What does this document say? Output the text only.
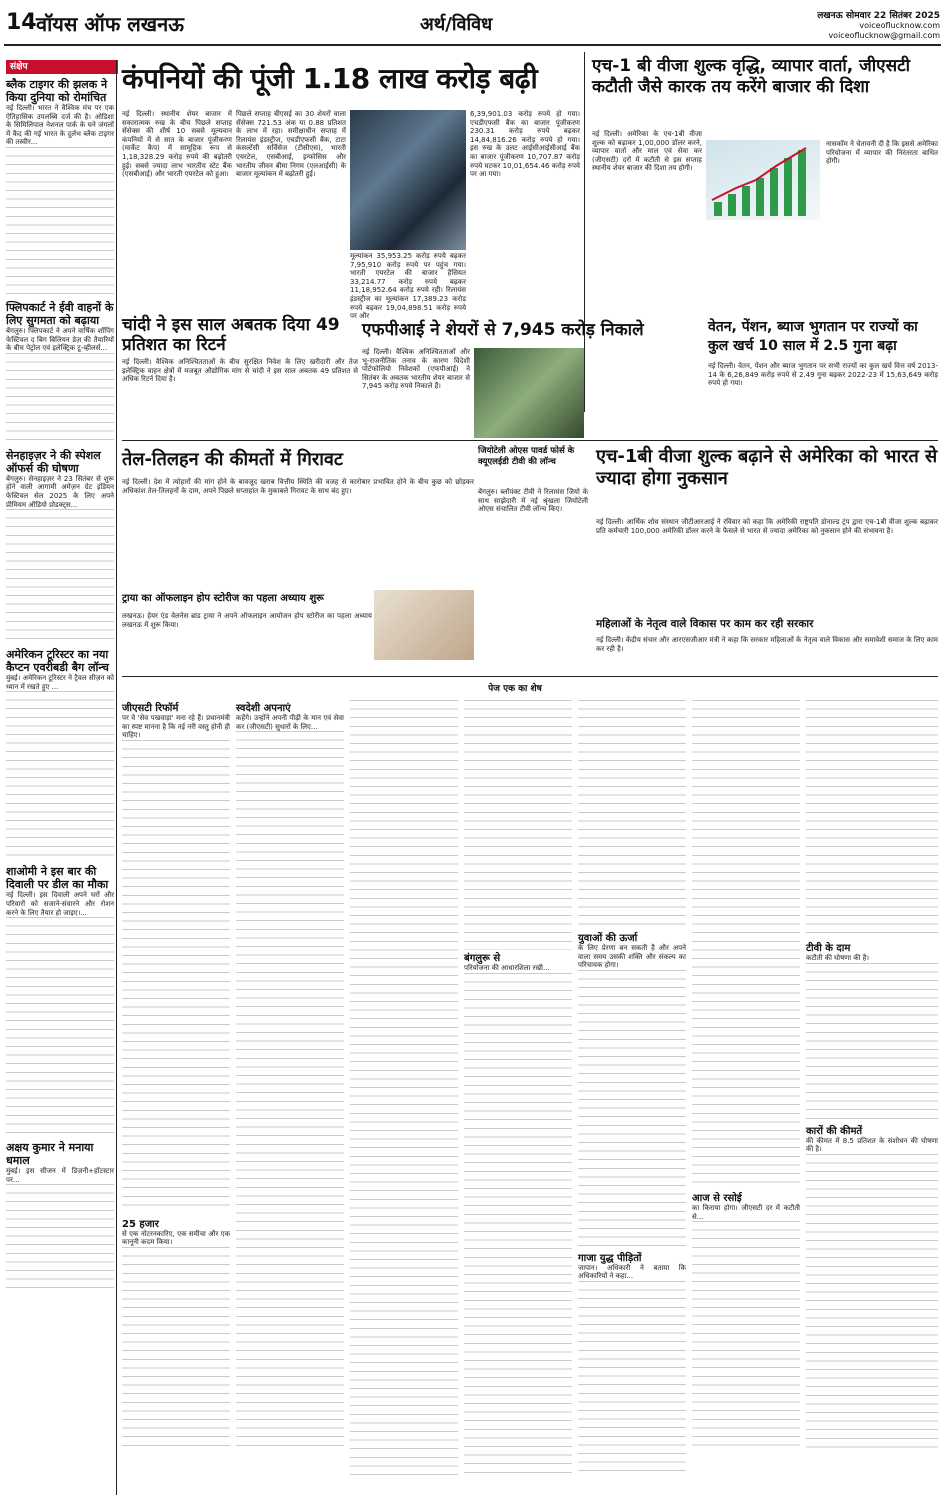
14 वॉयस ऑफ लखनऊ	अर्थ/विविध	लखनऊ सोमवार 22 सितंबर 2025
voiceoflucknow.com
voiceoflucknow@gmail.com
संक्षेप
ब्लैक टाइगर की झलक ने किया दुनिया को रोमांचित
नई दिल्ली। भारत ने वैश्विक मंच पर एक ऐतिहासिक उपलब्धि दर्ज की है। ओडिशा के सिमिलिपाल नेशनल पार्क के घने जंगलों में कैद की गई भारत के दुर्लभ ब्लैक टाइगर की तस्वीर...
फ्लिपकार्ट ने ईवी वाहनों के लिए सुगमता को बढ़ाया
बेंगलुरु। फ्लिपकार्ट ने अपने वार्षिक शॉपिंग फेस्टिवल द बिग बिलियन डेज़ की तैयारियों के बीच पेट्रोल एवं इलेक्ट्रिक टू-व्हीलर्स...
सेनहाइज़र ने की स्पेशल ऑफर्स की घोषणा
बेंगलुरु। सेनहाइज़र ने 23 सितंबर से शुरू होने वाली आगामी अमेज़न ग्रेट इंडियन फेस्टिवल सेल 2025 के लिए अपने प्रीमियम ऑडियो प्रोडक्ट्स...
अमेरिकन टूरिस्टर का नया कैप्टन एवरीबडी बैग लॉन्च
मुंबई। अमेरिकन टूरिस्टर ने ट्रैवल सीज़न को ध्यान में रखते हुए ...
शाओमी ने इस बार की दिवाली पर डील का मौका
नई दिल्ली। इस दिवाली अपने घरों और परिवारों को सजाने-संवारने और रोशन करने के लिए तैयार हो जाइए।...
अक्षय कुमार ने मनाया धमाल
मुंबई। इस सीजन में डिजनी+हॉटस्टार पर...
कंपनियों की पूंजी 1.18 लाख करोड़ बढ़ी
नई दिल्ली। स्थानीय शेयर बाजार में सकारात्मक रुख के बीच पिछले सप्ताह सेंसेक्स की शीर्ष 10 सबसे मूल्यवान कंपनियों में से सात के बाजार पूंजीकरण (मार्केट कैप) में सामूहिक रूप से 1,18,328.29 करोड़ रुपये की बढ़ोतरी हुई। सबसे ज्यादा लाभ भारतीय स्टेट बैंक (एसबीआई) और भारती एयरटेल को हुआ।
पिछले सप्ताह बीएसई का 30 शेयरों वाला सेंसेक्स 721.53 अंक या 0.88 प्रतिशत के लाभ में रहा। समीक्षाधीन सप्ताह में रिलायंस इंडस्ट्रीज, एचडीएफसी बैंक, टाटा कंसल्टेंसी सर्विसेज (टीसीएस), भारती एयरटेल, एसबीआई, इन्फोसिस और भारतीय जीवन बीमा निगम (एलआईसी) के बाजार मूल्यांकन में बढ़ोतरी हुई।
मूल्यांकन 35,953.25 करोड़ रुपये बढ़कर 7,95,910 करोड़ रुपये पर पहुंच गया। भारती एयरटेल की बाजार हैसियत 33,214.77 करोड़ रुपये बढ़कर 11,18,952.64 करोड़ रुपये रही। रिलायंस इंडस्ट्रीज का मूल्यांकन 17,389.23 करोड़ रुपये बढ़कर 19,04,898.51 करोड़ रुपये पर और
6,39,901.03 करोड़ रुपये हो गया। एचडीएफसी बैंक का बाजार पूंजीकरण 230.31 करोड़ रुपये बढ़कर 14,84,816.26 करोड़ रुपये हो गया। इस रुख के उलट आईसीआईसीआई बैंक का बाजार पूंजीकरण 10,707.87 करोड़ रुपये घटकर 10,01,654.46 करोड़ रुपये पर आ गया।
एच-1 बी वीजा शुल्क वृद्धि, व्यापार वार्ता, जीएसटी कटौती जैसे कारक तय करेंगे बाजार की दिशा
नई दिल्ली। अमेरिका के एच-1बी वीजा शुल्क को बढ़ाकर 1,00,000 डॉलर करने, व्यापार वार्ता और माल एवं सेवा कर (जीएसटी) दरों में कटौती से इस सप्ताह स्थानीय शेयर बाजार की दिशा तय होगी।
नासकॉम ने चेतावनी दी है कि इससे अमेरिका परियोजना में व्यापार की निरंतरता बाधित होगी।
चांदी ने इस साल अबतक दिया 49 प्रतिशत का रिटर्न
नई दिल्ली। वैश्विक अनिश्चितताओं के बीच सुरक्षित निवेश के लिए खरीदारी और तेज इलेक्ट्रिक वाहन क्षेत्रों में मजबूत औद्योगिक मांग से चांदी ने इस साल अबतक 49 प्रतिशत से अधिक रिटर्न दिया है।
एफपीआई ने शेयरों से 7,945 करोड़ निकाले
नई दिल्ली। वैश्विक अनिश्चितताओं और भू-राजनीतिक तनाव के कारण विदेशी पोर्टफोलियो निवेशकों (एफपीआई) ने सितंबर के अबतक भारतीय शेयर बाजार से 7,945 करोड़ रुपये निकाले हैं।
वेतन, पेंशन, ब्याज भुगतान पर राज्यों का कुल खर्च 10 साल में 2.5 गुना बढ़ा
नई दिल्ली। वेतन, पेंशन और ब्याज भुगतान पर सभी राज्यों का कुल खर्च वित्त वर्ष 2013-14 के 6,26,849 करोड़ रुपये से 2.49 गुना बढ़कर 2022-23 में 15,63,649 करोड़ रुपये हो गया।
तेल-तिलहन की कीमतों में गिरावट
नई दिल्ली। देश में त्योहारों की मांग होने के बावजूद खराब वित्तीय स्थिति की वजह से कारोबार प्रभावित होने के बीच कुछ को छोड़कर अधिकांश तेल-तिलहनों के दाम, अपने पिछले सप्ताहांत के मुकाबले गिरावट के साथ बंद हुए।
जियोटेली ओएस पावर्ड फोर्स के क्यूएलईडी टीवी की लॉन्च
बेंगलुरु। ब्लॉपंक्ट टीवी ने रिलायंस जियो के साथ साझेदारी में नई श्रृंखला जियोटेली ओएस संचालित टीवी लॉन्च किए।
ट्राया का ऑफलाइन होप स्टोरीज का पहला अध्याय शुरू
लखनऊ। हेयर एंड वेलनेस ब्रांड ट्राया ने अपने ऑफलाइन आयोजन होप स्टोरीज का पहला अध्याय लखनऊ में शुरू किया।
एच-1बी वीजा शुल्क बढ़ाने से अमेरिका को भारत से ज्यादा होगा नुकसान
नई दिल्ली। आर्थिक शोध संस्थान जीटीआरआई ने रविवार को कहा कि अमेरिकी राष्ट्रपति डोनाल्ड ट्रंप द्वारा एच-1बी वीजा शुल्क बढ़ाकर प्रति कर्मचारी 100,000 अमेरिकी डॉलर करने के फैसले से भारत से ज्यादा अमेरिका को नुकसान होने की संभावना है।
महिलाओं के नेतृत्व वाले विकास पर काम कर रही सरकार
नई दिल्ली। केंद्रीय संचार और आरएसजीआर मंत्री ने कहा कि सरकार महिलाओं के नेतृत्व वाले विकास और समावेशी समाज के लिए काम कर रही है।
पेज एक का शेष
जीएसटी रिफॉर्म
पर वे 'सेव पखवाड़ा' मना रहे हैं। प्रधानमंत्री का स्पष्ट मानना है कि नई नरी वस्तु होनी ही चाहिए।
25 हजार
से एक नोटरनकारिए, एक समीचा और एक कानूनी कदम किया।
स्वदेशी अपनाएं
कहेंगे। उन्होंने अपनी पीढ़ी के मान एवं सेवा कर (जीएसटी) सुधारों के लिए...
बंगलुरू से
परियोजना की आधारशिला रखी...
युवाओं की ऊर्जा
के लिए प्रेरणा बन सकती है और अपने वाला समय उसकी शक्ति और संकल्प का परिचायक होगा।
गाजा युद्ध पीड़ितों
जापान। अधिकारी ने बताया कि अधिकारियों ने कहा...
आज से रसोई
का किराया होगा। जीएसटी दर में कटौती से...
टीवी के दाम
कटौती की घोषणा की है।
कारों की कीमतें
की कीमत में 8.5 प्रतिशत के संशोधन की घोषणा की है।
